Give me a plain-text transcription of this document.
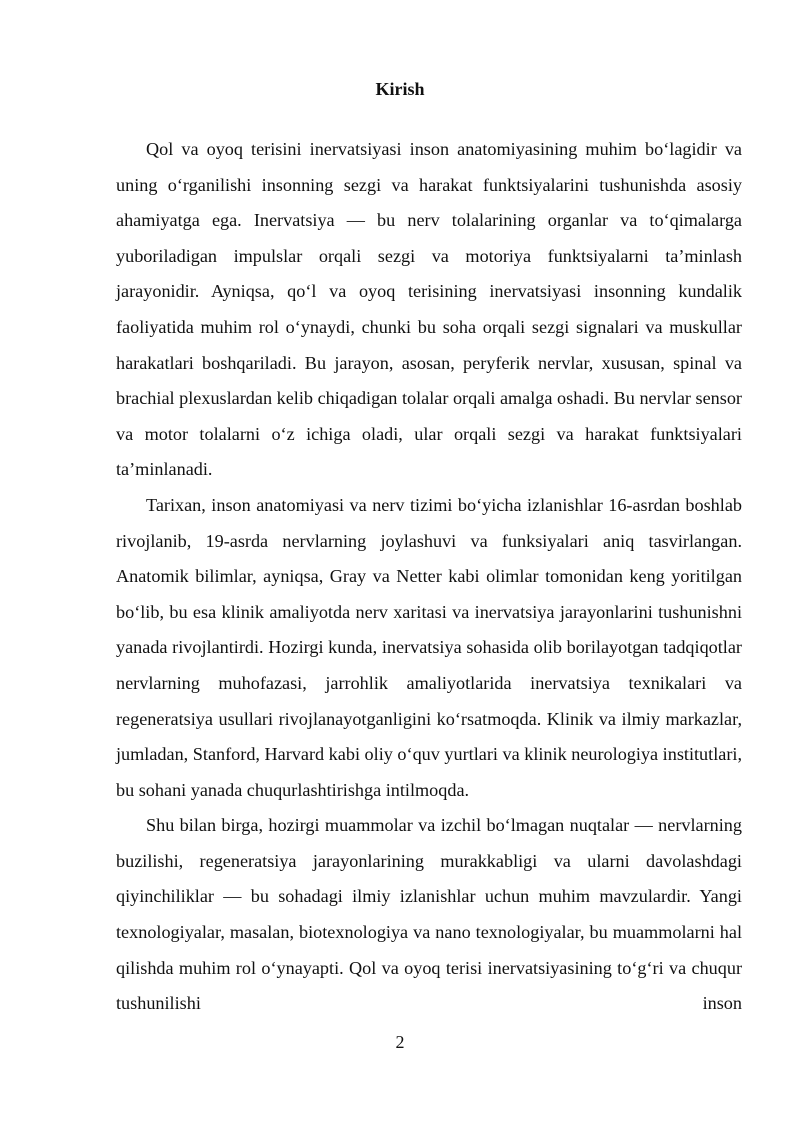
Kirish

Qol va oyoq terisini inervatsiyasi inson anatomiyasining muhim bo‘lagidir va uning o‘rganilishi insonning sezgi va harakat funktsiyalarini tushunishda asosiy ahamiyatga ega. Inervatsiya — bu nerv tolalarining organlar va to‘qimalarga yuboriladigan impulslar orqali sezgi va motoriya funktsiyalarni ta’minlash jarayonidir. Ayniqsa, qo‘l va oyoq terisining inervatsiyasi insonning kundalik faoliyatida muhim rol o‘ynaydi, chunki bu soha orqali sezgi signalari va muskullar harakatlari boshqariladi. Bu jarayon, asosan, peryferik nervlar, xususan, spinal va brachial plexuslardan kelib chiqadigan tolalar orqali amalga oshadi. Bu nervlar sensor va motor tolalarni o‘z ichiga oladi, ular orqali sezgi va harakat funktsiyalari ta’minlanadi.

Tarixan, inson anatomiyasi va nerv tizimi bo‘yicha izlanishlar 16-asrdan boshlab rivojlanib, 19-asrda nervlarning joylashuvi va funksiyalari aniq tasvirlangan. Anatomik bilimlar, ayniqsa, Gray va Netter kabi olimlar tomonidan keng yoritilgan bo‘lib, bu esa klinik amaliyotda nerv xaritasi va inervatsiya jarayonlarini tushunishni yanada rivojlantirdi. Hozirgi kunda, inervatsiya sohasida olib borilayotgan tadqiqotlar nervlarning muhofazasi, jarrohlik amaliyotlarida inervatsiya texnikalari va regeneratsiya usullari rivojlanayotganligini ko‘rsatmoqda. Klinik va ilmiy markazlar, jumladan, Stanford, Harvard kabi oliy o‘quv yurtlari va klinik neurologiya institutlari, bu sohani yanada chuqurlashtirishga intilmoqda.

Shu bilan birga, hozirgi muammolar va izchil bo‘lmagan nuqtalar — nervlarning buzilishi, regeneratsiya jarayonlarining murakkabligi va ularni davolashdagi qiyinchiliklar — bu sohadagi ilmiy izlanishlar uchun muhim mavzulardir. Yangi texnologiyalar, masalan, biotexnologiya va nano texnologiyalar, bu muammolarni hal qilishda muhim rol o‘ynayapti. Qol va oyoq terisi inervatsiyasining to‘g‘ri va chuqur tushunilishi inson

2
